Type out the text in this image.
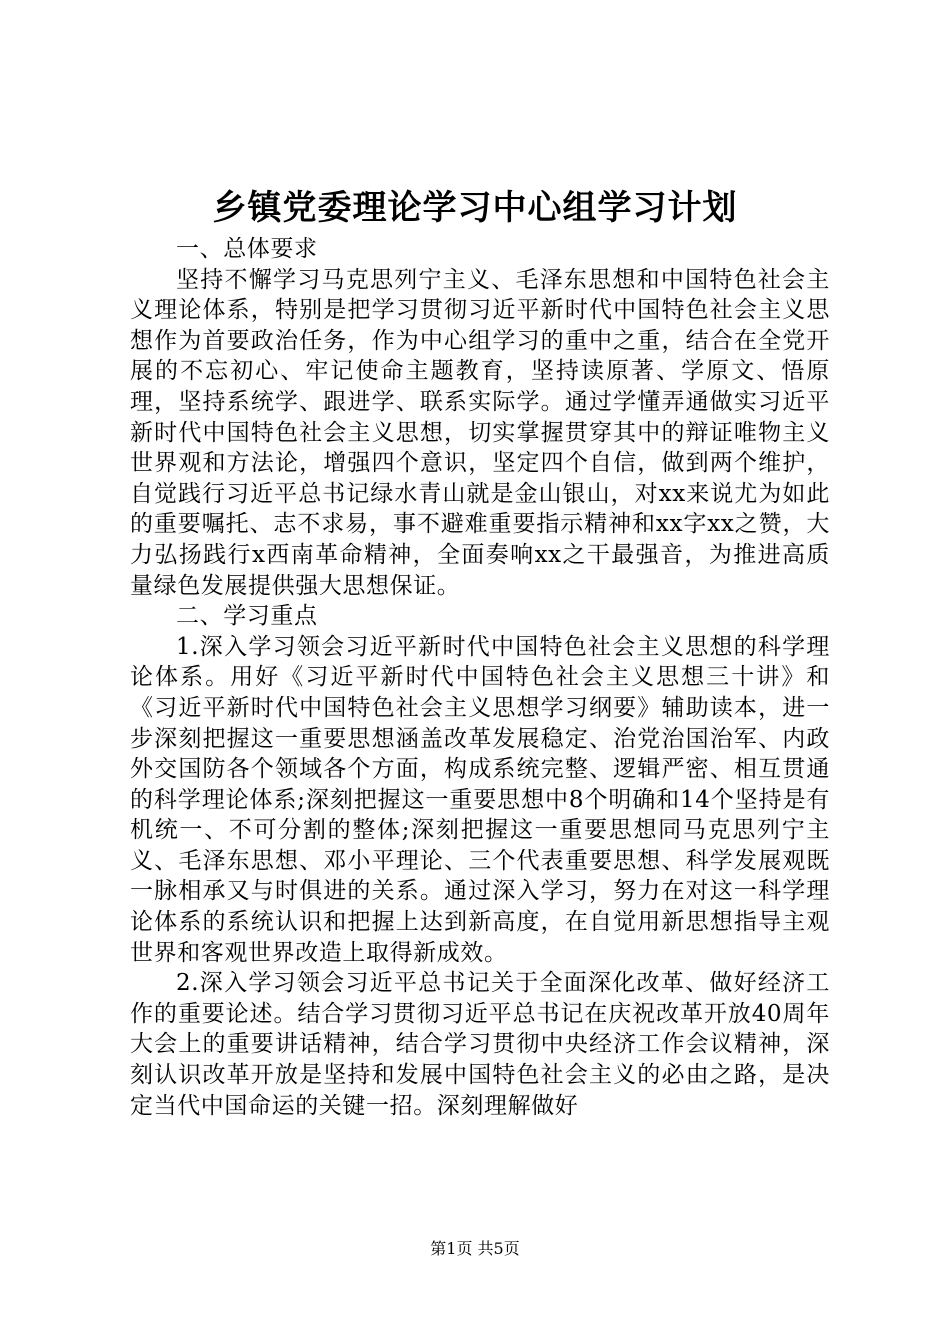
乡镇党委理论学习中心组学习计划

一、总体要求

坚持不懈学习马克思列宁主义、毛泽东思想和中国特色社会主义理论体系，特别是把学习贯彻习近平新时代中国特色社会主义思想作为首要政治任务，作为中心组学习的重中之重，结合在全党开展的不忘初心、牢记使命主题教育，坚持读原著、学原文、悟原理，坚持系统学、跟进学、联系实际学。通过学懂弄通做实习近平新时代中国特色社会主义思想，切实掌握贯穿其中的辩证唯物主义世界观和方法论，增强四个意识，坚定四个自信，做到两个维护，自觉践行习近平总书记绿水青山就是金山银山，对xx来说尤为如此的重要嘱托、志不求易，事不避难重要指示精神和xx字xx之赞，大力弘扬践行x西南革命精神，全面奏响xx之干最强音，为推进高质量绿色发展提供强大思想保证。

二、学习重点

1.深入学习领会习近平新时代中国特色社会主义思想的科学理论体系。用好《习近平新时代中国特色社会主义思想三十讲》和《习近平新时代中国特色社会主义思想学习纲要》辅助读本，进一步深刻把握这一重要思想涵盖改革发展稳定、治党治国治军、内政外交国防各个领域各个方面，构成系统完整、逻辑严密、相互贯通的科学理论体系;深刻把握这一重要思想中8个明确和14个坚持是有机统一、不可分割的整体;深刻把握这一重要思想同马克思列宁主义、毛泽东思想、邓小平理论、三个代表重要思想、科学发展观既一脉相承又与时俱进的关系。通过深入学习，努力在对这一科学理论体系的系统认识和把握上达到新高度，在自觉用新思想指导主观世界和客观世界改造上取得新成效。

2.深入学习领会习近平总书记关于全面深化改革、做好经济工作的重要论述。结合学习贯彻习近平总书记在庆祝改革开放40周年大会上的重要讲话精神，结合学习贯彻中央经济工作会议精神，深刻认识改革开放是坚持和发展中国特色社会主义的必由之路，是决定当代中国命运的关键一招。深刻理解做好

第1页 共5页
